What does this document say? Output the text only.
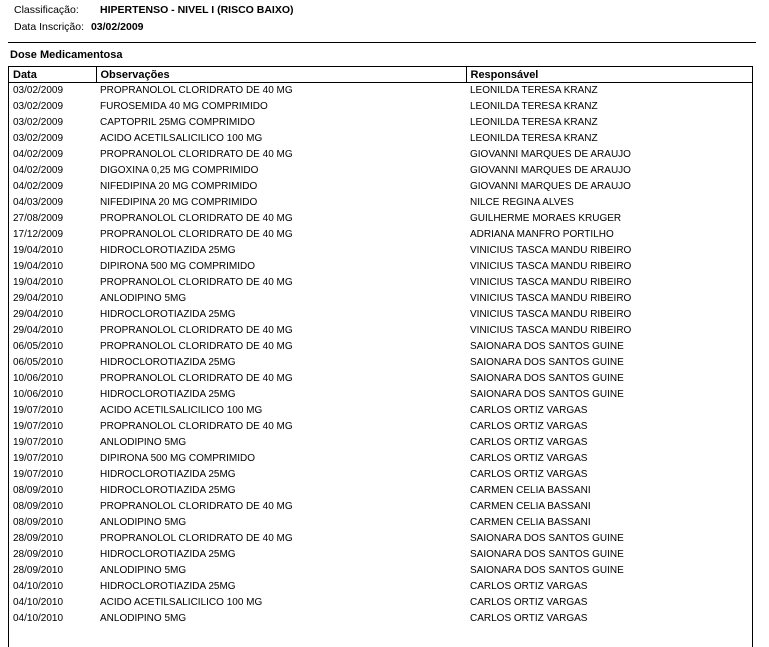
Classificação: HIPERTENSO - NIVEL I (RISCO BAIXO)
Data Inscrição: 03/02/2009
Dose Medicamentosa
Data	Observações	Responsável
03/02/2009	PROPRANOLOL CLORIDRATO DE 40 MG	LEONILDA TERESA KRANZ
03/02/2009	FUROSEMIDA 40 MG COMPRIMIDO	LEONILDA TERESA KRANZ
03/02/2009	CAPTOPRIL 25MG COMPRIMIDO	LEONILDA TERESA KRANZ
03/02/2009	ACIDO ACETILSALICILICO 100 MG	LEONILDA TERESA KRANZ
04/02/2009	PROPRANOLOL CLORIDRATO DE 40 MG	GIOVANNI MARQUES DE ARAUJO
04/02/2009	DIGOXINA 0,25 MG COMPRIMIDO	GIOVANNI MARQUES DE ARAUJO
04/02/2009	NIFEDIPINA 20 MG COMPRIMIDO	GIOVANNI MARQUES DE ARAUJO
04/03/2009	NIFEDIPINA 20 MG COMPRIMIDO	NILCE REGINA ALVES
27/08/2009	PROPRANOLOL CLORIDRATO DE 40 MG	GUILHERME MORAES KRUGER
17/12/2009	PROPRANOLOL CLORIDRATO DE 40 MG	ADRIANA MANFRO PORTILHO
19/04/2010	HIDROCLOROTIAZIDA 25MG	VINICIUS TASCA MANDU RIBEIRO
19/04/2010	DIPIRONA 500 MG COMPRIMIDO	VINICIUS TASCA MANDU RIBEIRO
19/04/2010	PROPRANOLOL CLORIDRATO DE 40 MG	VINICIUS TASCA MANDU RIBEIRO
29/04/2010	ANLODIPINO 5MG	VINICIUS TASCA MANDU RIBEIRO
29/04/2010	HIDROCLOROTIAZIDA 25MG	VINICIUS TASCA MANDU RIBEIRO
29/04/2010	PROPRANOLOL CLORIDRATO DE 40 MG	VINICIUS TASCA MANDU RIBEIRO
06/05/2010	PROPRANOLOL CLORIDRATO DE 40 MG	SAIONARA DOS SANTOS GUINE
06/05/2010	HIDROCLOROTIAZIDA 25MG	SAIONARA DOS SANTOS GUINE
10/06/2010	PROPRANOLOL CLORIDRATO DE 40 MG	SAIONARA DOS SANTOS GUINE
10/06/2010	HIDROCLOROTIAZIDA 25MG	SAIONARA DOS SANTOS GUINE
19/07/2010	ACIDO ACETILSALICILICO 100 MG	CARLOS ORTIZ VARGAS
19/07/2010	PROPRANOLOL CLORIDRATO DE 40 MG	CARLOS ORTIZ VARGAS
19/07/2010	ANLODIPINO 5MG	CARLOS ORTIZ VARGAS
19/07/2010	DIPIRONA 500 MG COMPRIMIDO	CARLOS ORTIZ VARGAS
19/07/2010	HIDROCLOROTIAZIDA 25MG	CARLOS ORTIZ VARGAS
08/09/2010	HIDROCLOROTIAZIDA 25MG	CARMEN CELIA BASSANI
08/09/2010	PROPRANOLOL CLORIDRATO DE 40 MG	CARMEN CELIA BASSANI
08/09/2010	ANLODIPINO 5MG	CARMEN CELIA BASSANI
28/09/2010	PROPRANOLOL CLORIDRATO DE 40 MG	SAIONARA DOS SANTOS GUINE
28/09/2010	HIDROCLOROTIAZIDA 25MG	SAIONARA DOS SANTOS GUINE
28/09/2010	ANLODIPINO 5MG	SAIONARA DOS SANTOS GUINE
04/10/2010	HIDROCLOROTIAZIDA 25MG	CARLOS ORTIZ VARGAS
04/10/2010	ACIDO ACETILSALICILICO 100 MG	CARLOS ORTIZ VARGAS
04/10/2010	ANLODIPINO 5MG	CARLOS ORTIZ VARGAS
